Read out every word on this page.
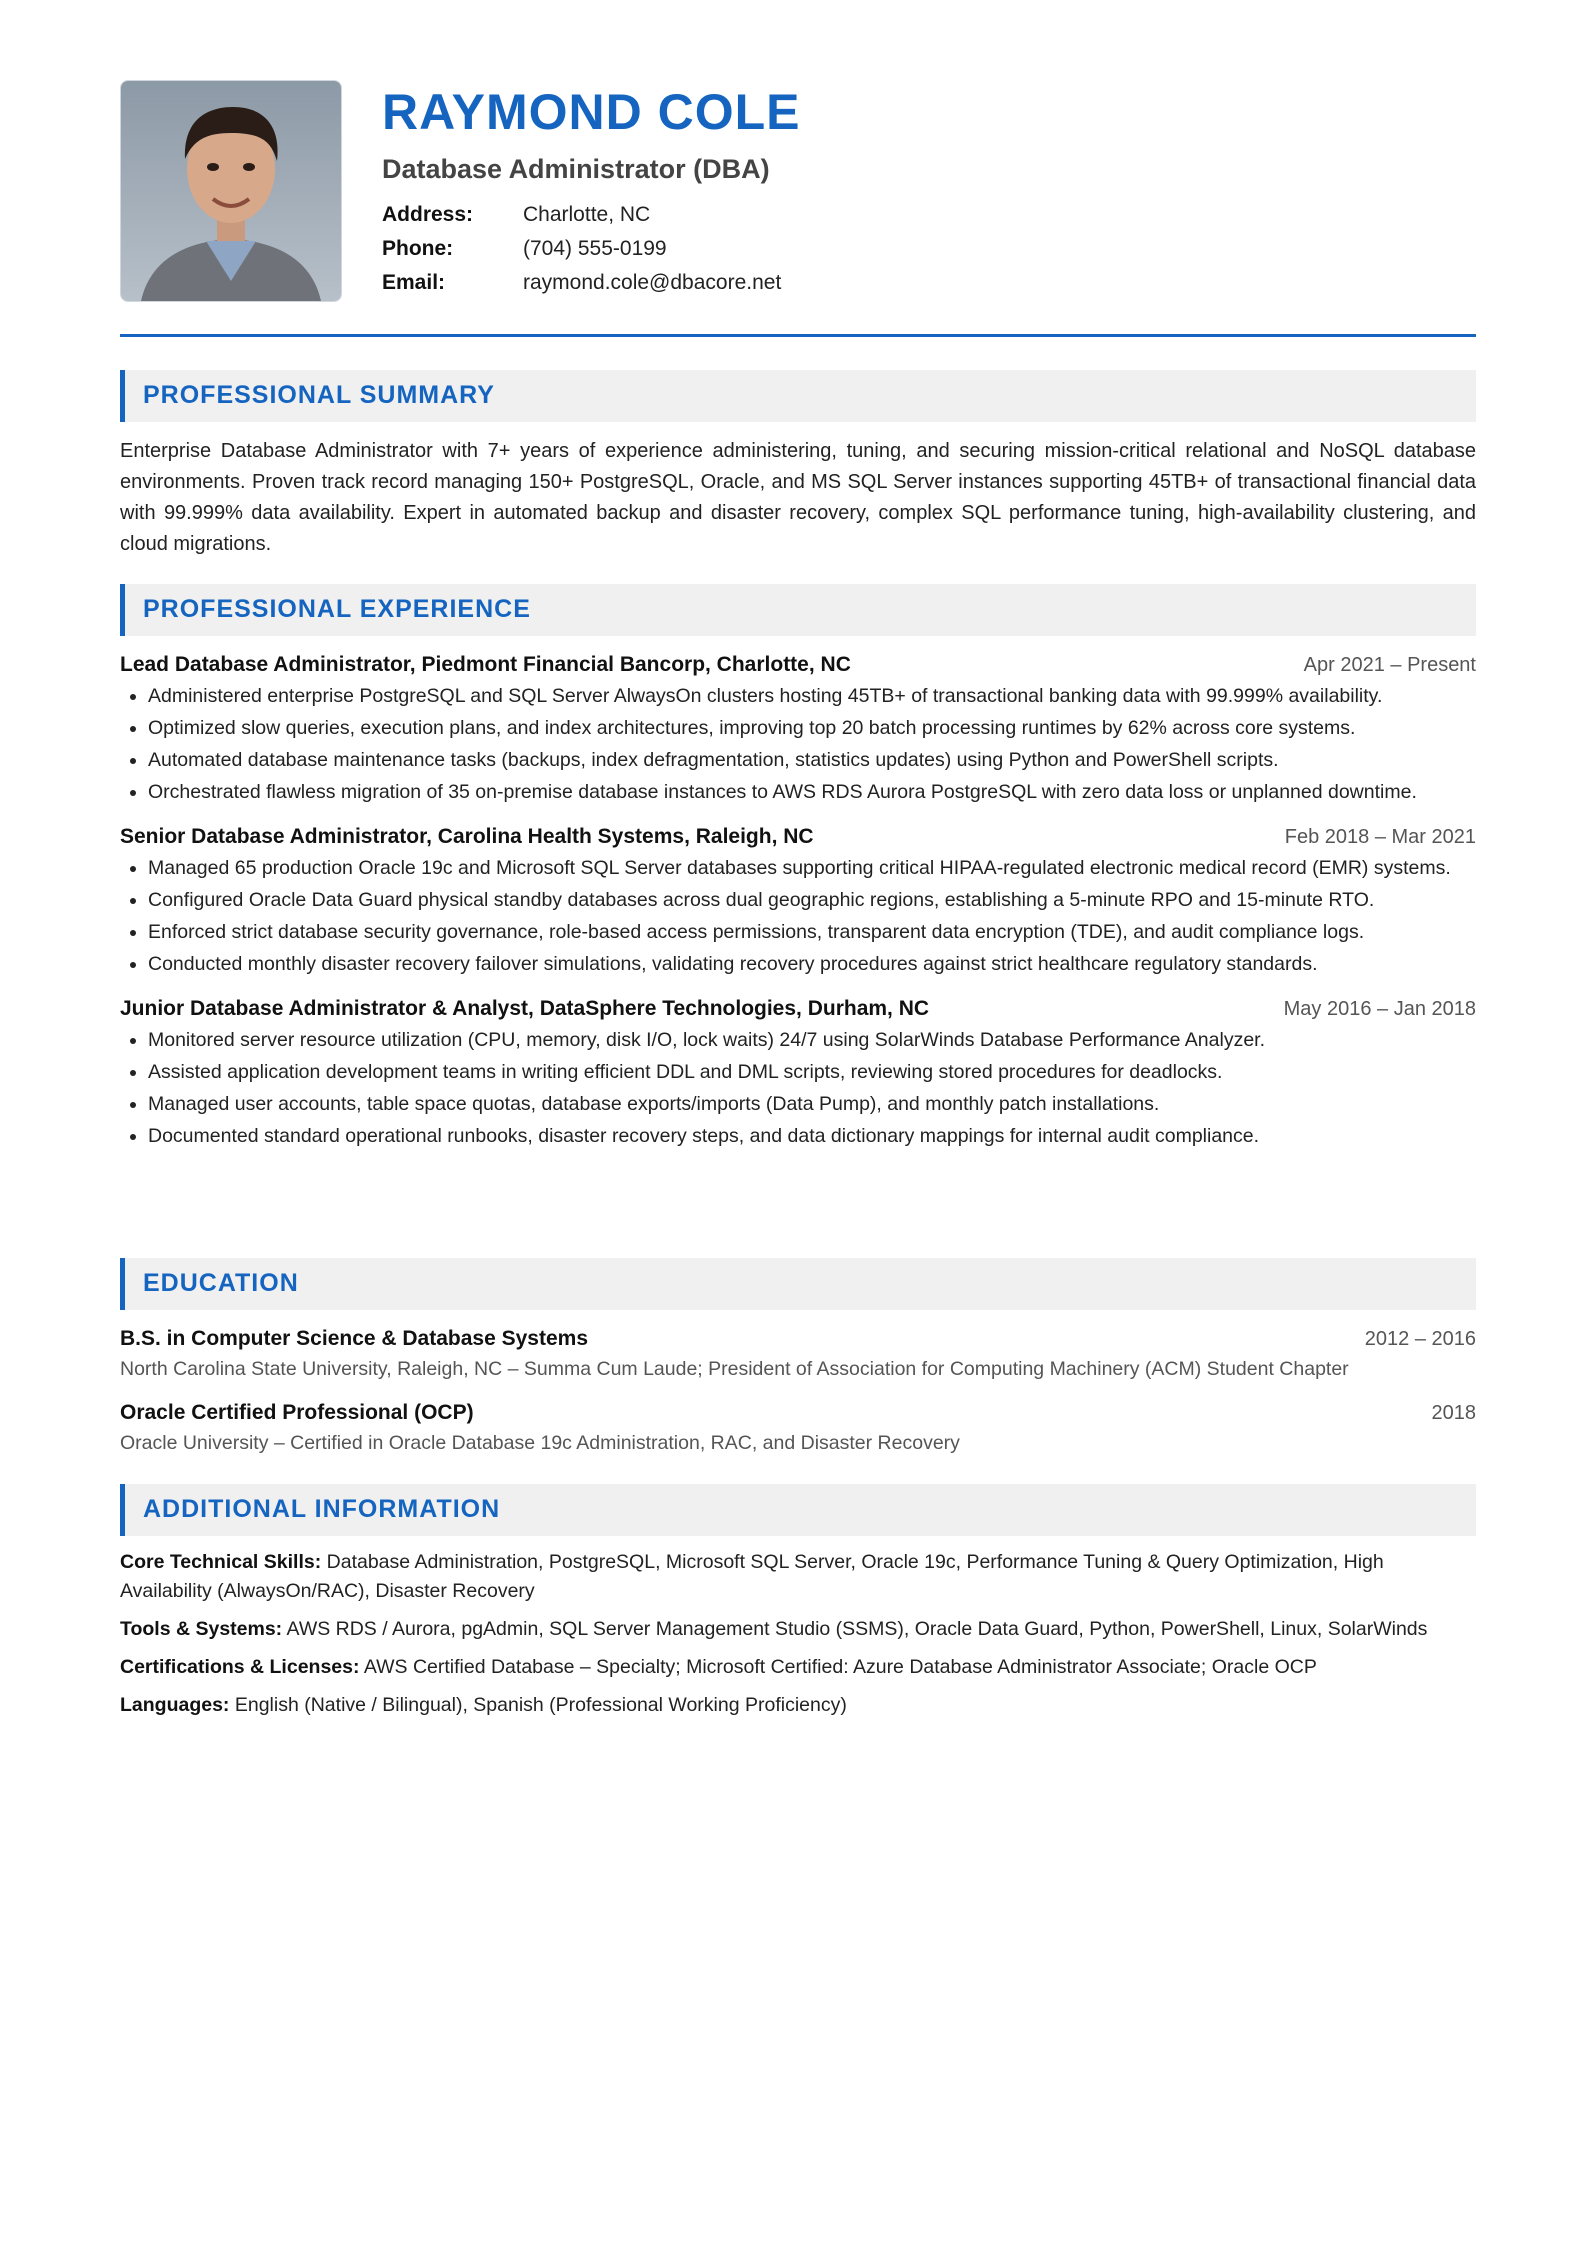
RAYMOND COLE
Database Administrator (DBA)
Address:	Charlotte, NC
Phone:	(704) 555-0199
Email:	raymond.cole@dbacore.net
PROFESSIONAL SUMMARY
Enterprise Database Administrator with 7+ years of experience administering, tuning, and securing mission-critical relational and NoSQL database environments. Proven track record managing 150+ PostgreSQL, Oracle, and MS SQL Server instances supporting 45TB+ of transactional financial data with 99.999% data availability. Expert in automated backup and disaster recovery, complex SQL performance tuning, high-availability clustering, and cloud migrations.
PROFESSIONAL EXPERIENCE
Lead Database Administrator, Piedmont Financial Bancorp, Charlotte, NC	Apr 2021 – Present
• Administered enterprise PostgreSQL and SQL Server AlwaysOn clusters hosting 45TB+ of transactional banking data with 99.999% availability.
• Optimized slow queries, execution plans, and index architectures, improving top 20 batch processing runtimes by 62% across core systems.
• Automated database maintenance tasks (backups, index defragmentation, statistics updates) using Python and PowerShell scripts.
• Orchestrated flawless migration of 35 on-premise database instances to AWS RDS Aurora PostgreSQL with zero data loss or unplanned downtime.
Senior Database Administrator, Carolina Health Systems, Raleigh, NC	Feb 2018 – Mar 2021
• Managed 65 production Oracle 19c and Microsoft SQL Server databases supporting critical HIPAA-regulated electronic medical record (EMR) systems.
• Configured Oracle Data Guard physical standby databases across dual geographic regions, establishing a 5-minute RPO and 15-minute RTO.
• Enforced strict database security governance, role-based access permissions, transparent data encryption (TDE), and audit compliance logs.
• Conducted monthly disaster recovery failover simulations, validating recovery procedures against strict healthcare regulatory standards.
Junior Database Administrator & Analyst, DataSphere Technologies, Durham, NC	May 2016 – Jan 2018
• Monitored server resource utilization (CPU, memory, disk I/O, lock waits) 24/7 using SolarWinds Database Performance Analyzer.
• Assisted application development teams in writing efficient DDL and DML scripts, reviewing stored procedures for deadlocks.
• Managed user accounts, table space quotas, database exports/imports (Data Pump), and monthly patch installations.
• Documented standard operational runbooks, disaster recovery steps, and data dictionary mappings for internal audit compliance.
EDUCATION
B.S. in Computer Science & Database Systems	2012 – 2016
North Carolina State University, Raleigh, NC – Summa Cum Laude; President of Association for Computing Machinery (ACM) Student Chapter
Oracle Certified Professional (OCP)	2018
Oracle University – Certified in Oracle Database 19c Administration, RAC, and Disaster Recovery
ADDITIONAL INFORMATION
Core Technical Skills: Database Administration, PostgreSQL, Microsoft SQL Server, Oracle 19c, Performance Tuning & Query Optimization, High Availability (AlwaysOn/RAC), Disaster Recovery
Tools & Systems: AWS RDS / Aurora, pgAdmin, SQL Server Management Studio (SSMS), Oracle Data Guard, Python, PowerShell, Linux, SolarWinds
Certifications & Licenses: AWS Certified Database – Specialty; Microsoft Certified: Azure Database Administrator Associate; Oracle OCP
Languages: English (Native / Bilingual), Spanish (Professional Working Proficiency)
